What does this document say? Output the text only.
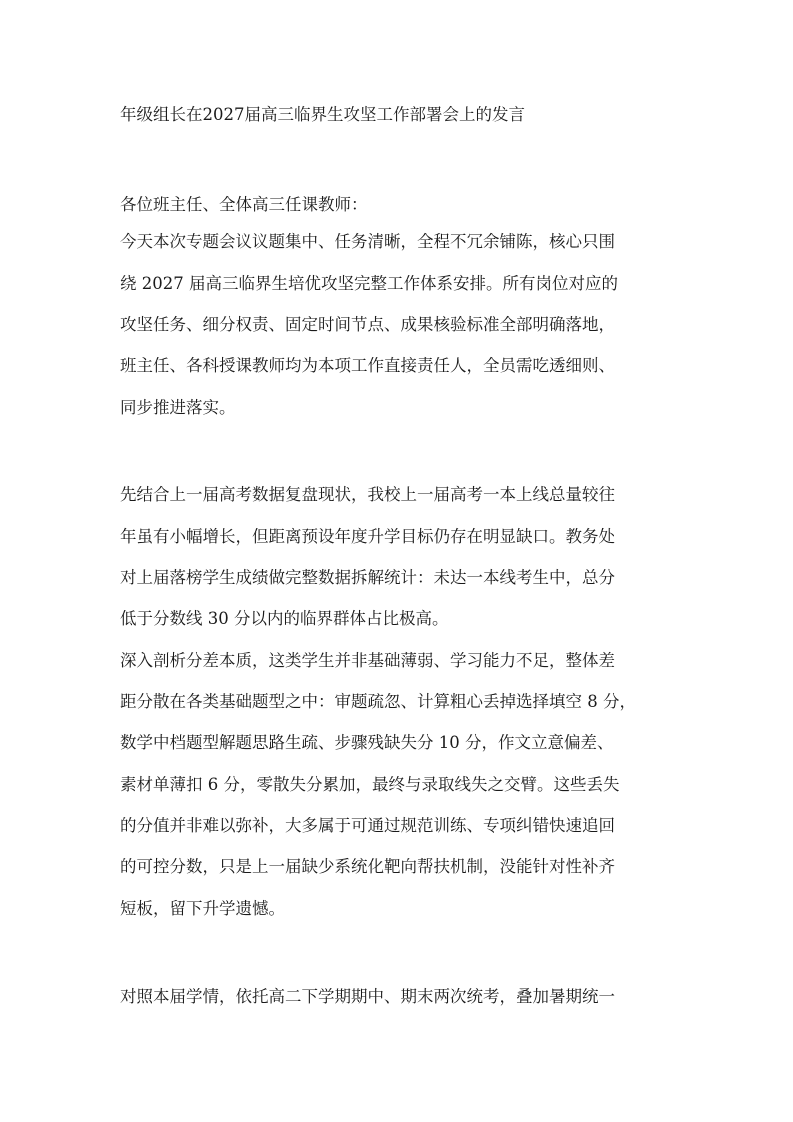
年级组长在2027届高三临界生攻坚工作部署会上的发言
各位班主任、全体高三任课教师：
今天本次专题会议议题集中、任务清晰，全程不冗余铺陈，核心只围
绕 2027 届高三临界生培优攻坚完整工作体系安排。所有岗位对应的
攻坚任务、细分权责、固定时间节点、成果核验标准全部明确落地，
班主任、各科授课教师均为本项工作直接责任人，全员需吃透细则、
同步推进落实。
先结合上一届高考数据复盘现状，我校上一届高考一本上线总量较往
年虽有小幅增长，但距离预设年度升学目标仍存在明显缺口。教务处
对上届落榜学生成绩做完整数据拆解统计：未达一本线考生中，总分
低于分数线 30 分以内的临界群体占比极高。
深入剖析分差本质，这类学生并非基础薄弱、学习能力不足，整体差
距分散在各类基础题型之中：审题疏忽、计算粗心丢掉选择填空 8 分，
数学中档题型解题思路生疏、步骤残缺失分 10 分，作文立意偏差、
素材单薄扣 6 分，零散失分累加，最终与录取线失之交臂。这些丢失
的分值并非难以弥补，大多属于可通过规范训练、专项纠错快速追回
的可控分数，只是上一届缺少系统化靶向帮扶机制，没能针对性补齐
短板，留下升学遗憾。
对照本届学情，依托高二下学期期中、期末两次统考，叠加暑期统一
